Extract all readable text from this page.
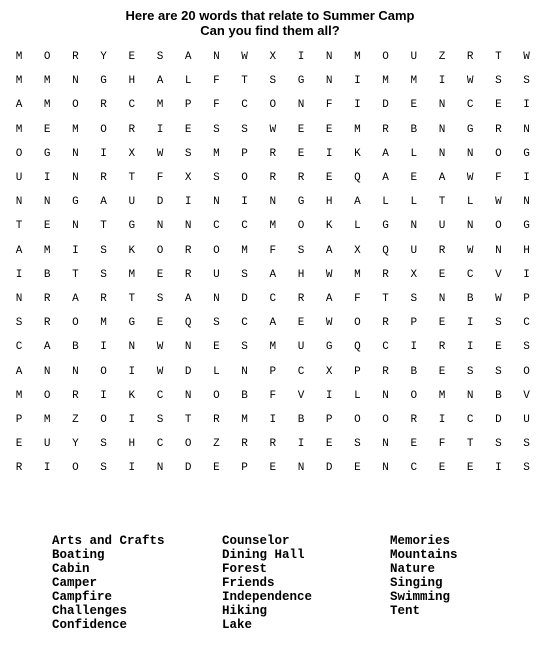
Here are 20 words that relate to Summer Camp
Can you find them all?
M	O	R	Y	E	S	A	N	W	X	I	N	M	O	U	Z	R	T	W
M	M	N	G	H	A	L	F	T	S	G	N	I	M	M	I	W	S	S
A	M	O	R	C	M	P	F	C	O	N	F	I	D	E	N	C	E	I
M	E	M	O	R	I	E	S	S	W	E	E	M	R	B	N	G	R	N
O	G	N	I	X	W	S	M	P	R	E	I	K	A	L	N	N	O	G
U	I	N	R	T	F	X	S	O	R	R	E	Q	A	E	A	W	F	I
N	N	G	A	U	D	I	N	I	N	G	H	A	L	L	T	L	W	N
T	E	N	T	G	N	N	C	C	M	O	K	L	G	N	U	N	O	G
A	M	I	S	K	O	R	O	M	F	S	A	X	Q	U	R	W	N	H
I	B	T	S	M	E	R	U	S	A	H	W	M	R	X	E	C	V	I
N	R	A	R	T	S	A	N	D	C	R	A	F	T	S	N	B	W	P
S	R	O	M	G	E	Q	S	C	A	E	W	O	R	P	E	I	S	C
C	A	B	I	N	W	N	E	S	M	U	G	Q	C	I	R	I	E	S
A	N	N	O	I	W	D	L	N	P	C	X	P	R	B	E	S	S	O
M	O	R	I	K	C	N	O	B	F	V	I	L	N	O	M	N	B	V
P	M	Z	O	I	S	T	R	M	I	B	P	O	O	R	I	C	D	U
E	U	Y	S	H	C	O	Z	R	R	I	E	S	N	E	F	T	S	S
R	I	O	S	I	N	D	E	P	E	N	D	E	N	C	E	E	I	S
Arts and Crafts
Boating
Cabin
Camper
Campfire
Challenges
Confidence
Counselor
Dining Hall
Forest
Friends
Independence
Hiking
Lake
Memories
Mountains
Nature
Singing
Swimming
Tent
